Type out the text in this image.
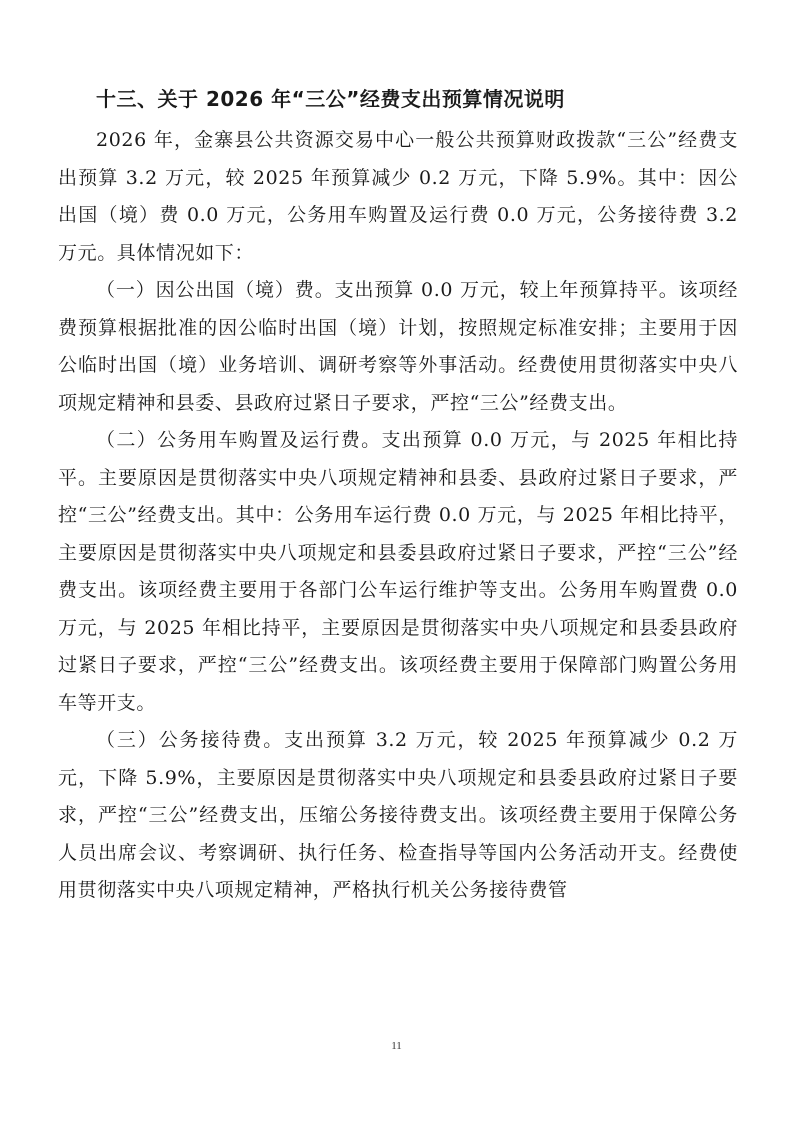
十三、关于 2026 年“三公”经费支出预算情况说明

2026 年，金寨县公共资源交易中心一般公共预算财政拨款“三公”经费支出预算 3.2 万元，较 2025 年预算减少 0.2 万元，下降 5.9%。其中：因公出国（境）费 0.0 万元，公务用车购置及运行费 0.0 万元，公务接待费 3.2 万元。具体情况如下：

（一）因公出国（境）费。支出预算 0.0 万元，较上年预算持平。该项经费预算根据批准的因公临时出国（境）计划，按照规定标准安排；主要用于因公临时出国（境）业务培训、调研考察等外事活动。经费使用贯彻落实中央八项规定精神和县委、县政府过紧日子要求，严控“三公”经费支出。

（二）公务用车购置及运行费。支出预算 0.0 万元，与 2025 年相比持平。主要原因是贯彻落实中央八项规定精神和县委、县政府过紧日子要求，严控“三公”经费支出。其中：公务用车运行费 0.0 万元，与 2025 年相比持平，主要原因是贯彻落实中央八项规定和县委县政府过紧日子要求，严控“三公”经费支出。该项经费主要用于各部门公车运行维护等支出。公务用车购置费 0.0 万元，与 2025 年相比持平，主要原因是贯彻落实中央八项规定和县委县政府过紧日子要求，严控“三公”经费支出。该项经费主要用于保障部门购置公务用车等开支。

（三）公务接待费。支出预算 3.2 万元，较 2025 年预算减少 0.2 万元，下降 5.9%，主要原因是贯彻落实中央八项规定和县委县政府过紧日子要求，严控“三公”经费支出，压缩公务接待费支出。该项经费主要用于保障公务人员出席会议、考察调研、执行任务、检查指导等国内公务活动开支。经费使用贯彻落实中央八项规定精神，严格执行机关公务接待费管

11
